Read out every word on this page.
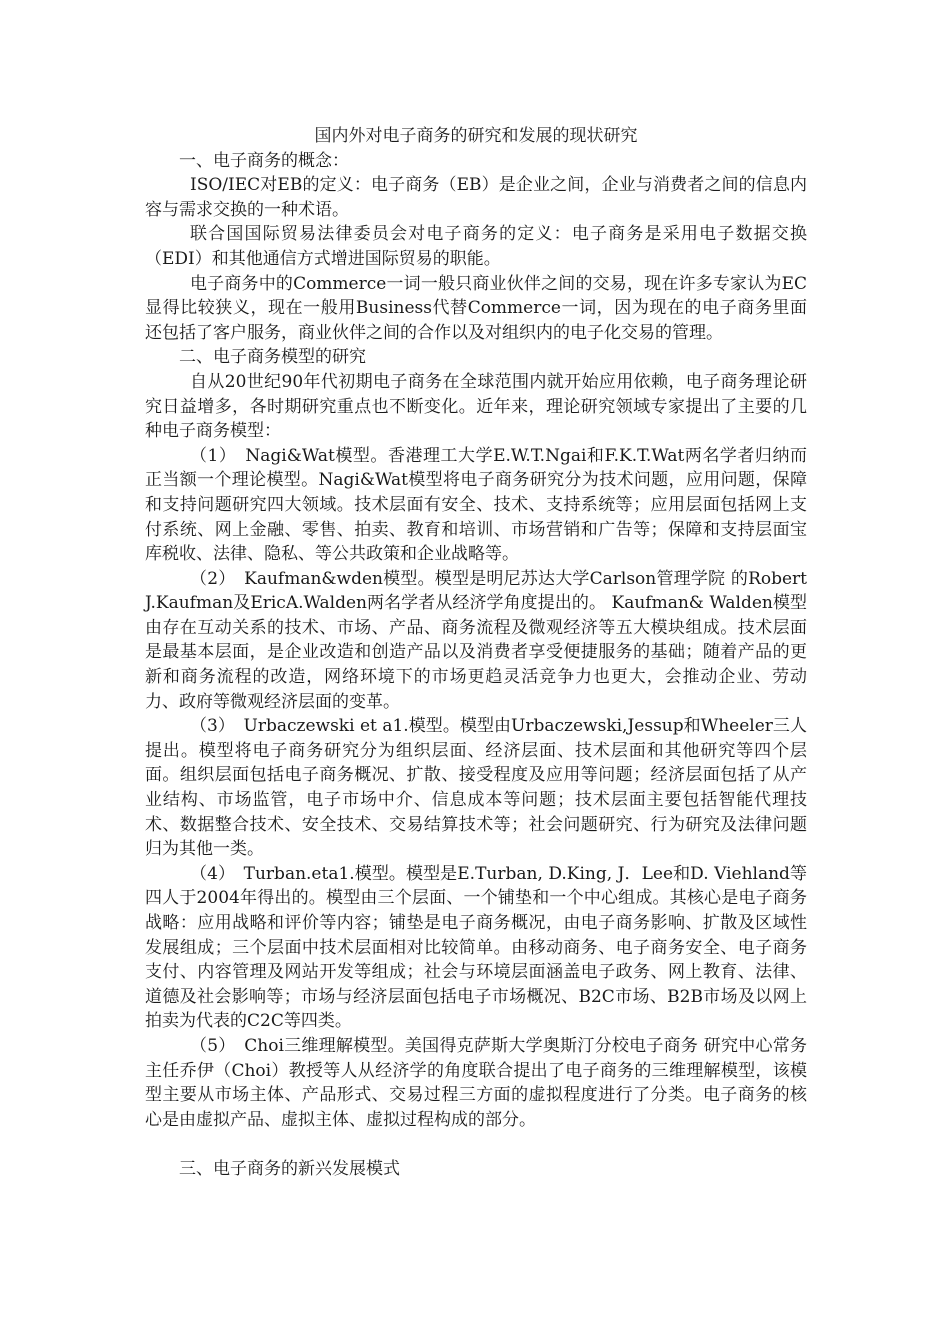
国内外对电子商务的研究和发展的现状研究

一、电子商务的概念：

ISO/IEC对EB的定义：电子商务（EB）是企业之间，企业与消费者之间的信息内容与需求交换的一种术语。

联合国国际贸易法律委员会对电子商务的定义：电子商务是采用电子数据交换 （EDI）和其他通信方式增进国际贸易的职能。

电子商务中的Commerce一词一般只商业伙伴之间的交易，现在许多专家认为EC显得比较狭义，现在一般用Business代替Commerce一词，因为现在的电子商务里面还包括了客户服务，商业伙伴之间的合作以及对组织内的电子化交易的管理。

二、电子商务模型的研究

自从20世纪90年代初期电子商务在全球范围内就开始应用依赖，电子商务理论研究日益增多，各时期研究重点也不断变化。近年来，理论研究领域专家提出了主要的几种电子商务模型：

（1）　Nagi&Wat模型。香港理工大学E.W.T.Ngai和F.K.T.Wat两名学者归纳而正当额一个理论模型。Nagi&Wat模型将电子商务研究分为技术问题，应用问题，保障和支持问题研究四大领域。技术层面有安全、技术、支持系统等；应用层面包括网上支付系统、网上金融、零售、拍卖、教育和培训、市场营销和广告等；保障和支持层面宝库税收、法律、隐私、等公共政策和企业战略等。

（2）　Kaufman&wden模型。模型是明尼苏达大学Carlson管理学院 的Robert J.Kaufman及EricA.Walden两名学者从经济学角度提出的。 Kaufman& Walden模型由存在互动关系的技术、市场、产品、商务流程及微观经济等五大模块组成。技术层面是最基本层面，是企业改造和创造产品以及消费者享受便捷服务的基础；随着产品的更新和商务流程的改造，网络环境下的市场更趋灵活竞争力也更大，会推动企业、劳动力、政府等微观经济层面的变革。

（3）　Urbaczewski et a1.模型。模型由Urbaczewski,Jessup和Wheeler三人提出。模型将电子商务研究分为组织层面、经济层面、技术层面和其他研究等四个层面。组织层面包括电子商务概况、扩散、接受程度及应用等问题；经济层面包括了从产业结构、市场监管，电子市场中介、信息成本等问题；技术层面主要包括智能代理技术、数据整合技术、安全技术、交易结算技术等；社会问题研究、行为研究及法律问题归为其他一类。

（4）　Turban.eta1.模型。模型是E.Turban, D.King, J．Lee和D. Viehland等四人于2004年得出的。模型由三个层面、一个铺垫和一个中心组成。其核心是电子商务战略：应用战略和评价等内容；铺垫是电子商务概况，由电子商务影响、扩散及区域性发展组成；三个层面中技术层面相对比较简单。由移动商务、电子商务安全、电子商务支付、内容管理及网站开发等组成；社会与环境层面涵盖电子政务、网上教育、法律、道德及社会影响等；市场与经济层面包括电子市场概况、B2C市场、B2B市场及以网上拍卖为代表的C2C等四类。

（5）　Choi三维理解模型。美国得克萨斯大学奥斯汀分校电子商务 研究中心常务主任乔伊（Choi）教授等人从经济学的角度联合提出了电子商务的三维理解模型，该模型主要从市场主体、产品形式、交易过程三方面的虚拟程度进行了分类。电子商务的核心是由虚拟产品、虚拟主体、虚拟过程构成的部分。

三、电子商务的新兴发展模式
